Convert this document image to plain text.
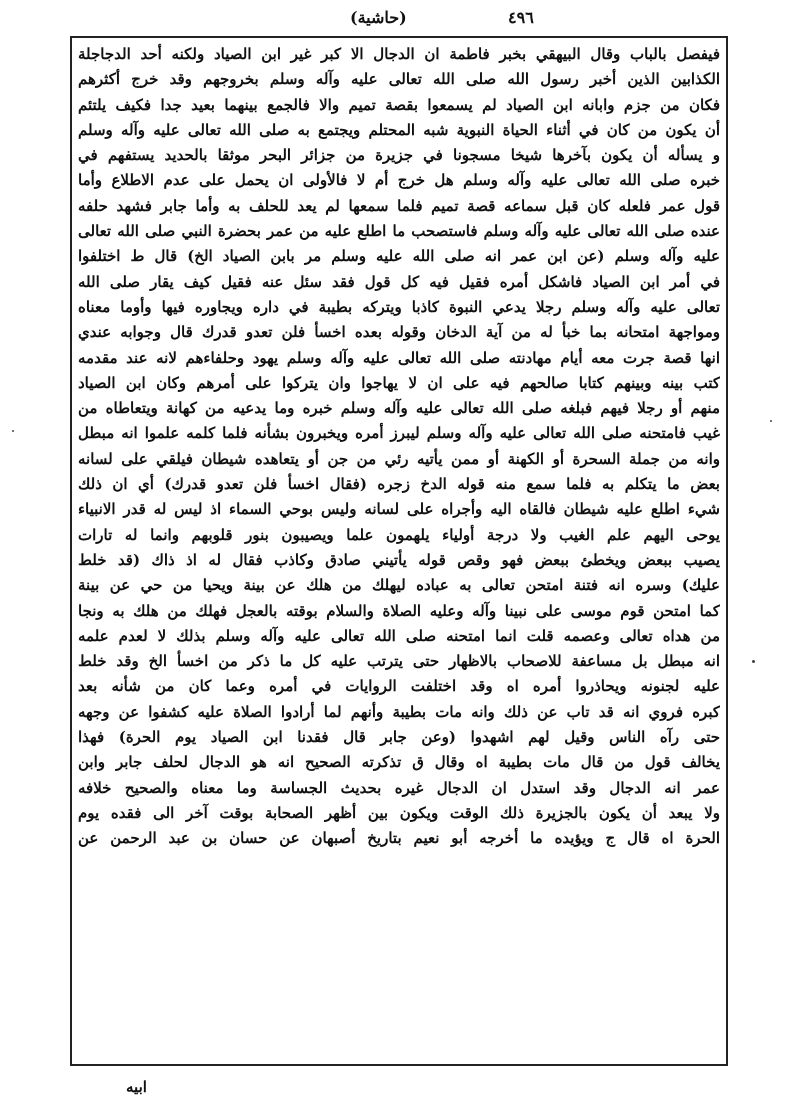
(حاشية)	٤٩٦
فيفصل بالباب وقال البيهقي بخبر فاطمة ان الدجال الا كبر غير ابن الصياد ولكنه أحد الدجاجلة
الكذابين الذين أخبر رسول الله صلى الله تعالى عليه وآله وسلم بخروجهم وقد خرج أكثرهم
فكان من جزم وابانه ابن الصياد لم يسمعوا بقصة تميم والا فالجمع بينهما بعيد جدا فكيف يلتئم
أن يكون من كان في أثناء الحياة النبوية شبه المحتلم ويجتمع به صلى الله تعالى عليه وآله وسلم
و يسأله أن يكون بآخرها شيخا مسجونا في جزيرة من جزائر البحر موثقا بالحديد يستفهم في
خبره صلى الله تعالى عليه وآله وسلم هل خرج أم لا فالأولى ان يحمل على عدم الاطلاع وأما
قول عمر فلعله كان قبل سماعه قصة تميم فلما سمعها لم يعد للحلف به وأما جابر فشهد حلفه
عنده صلى الله تعالى عليه وآله وسلم فاستصحب ما اطلع عليه من عمر بحضرة النبي صلى الله تعالى
عليه وآله وسلم (عن ابن عمر انه صلى الله عليه وسلم مر بابن الصياد الخ) قال ط اختلفوا
في أمر ابن الصياد فاشكل أمره فقيل فيه كل قول فقد سئل عنه فقيل كيف يقار صلى الله
تعالى عليه وآله وسلم رجلا يدعي النبوة كاذبا ويتركه بطيبة في داره ويجاوره فيها وأوما معناه
ومواجهة امتحانه بما خبأ له من آية الدخان وقوله بعده اخسأ فلن تعدو قدرك قال وجوابه عندي
انها قصة جرت معه أيام مهادنته صلى الله تعالى عليه وآله وسلم يهود وحلفاءهم لانه عند مقدمه
كتب بينه وبينهم كتابا صالحهم فيه على ان لا يهاجوا وان يتركوا على أمرهم وكان ابن الصياد
منهم أو رجلا فيهم فبلغه صلى الله تعالى عليه وآله وسلم خبره وما يدعيه من كهانة ويتعاطاه من
غيب فامتحنه صلى الله تعالى عليه وآله وسلم ليبرز أمره ويخبرون بشأنه فلما كلمه علموا انه مبطل
وانه من جملة السحرة أو الكهنة أو ممن يأتيه رئي من جن أو يتعاهده شيطان فيلقي على لسانه
بعض ما يتكلم به فلما سمع منه قوله الدخ زجره (فقال اخسأ فلن تعدو قدرك) أي ان ذلك
شيء اطلع عليه شيطان فالقاه اليه وأجراه على لسانه وليس بوحي السماء اذ ليس له قدر الانبياء
يوحى اليهم علم الغيب ولا درجة أولياء يلهمون علما ويصيبون بنور قلوبهم وانما له تارات
يصيب ببعض ويخطئ ببعض فهو وقص قوله يأتيني صادق وكاذب فقال له اذ ذاك (قد خلط
عليك) وسره انه فتنة امتحن تعالى به عباده ليهلك من هلك عن بينة ويحيا من حي عن بينة
كما امتحن قوم موسى على نبينا وآله وعليه الصلاة والسلام بوقته بالعجل فهلك من هلك به ونجا
من هداه تعالى وعصمه قلت انما امتحنه صلى الله تعالى عليه وآله وسلم بذلك لا لعدم علمه
انه مبطل بل مساعفة للاصحاب بالاظهار حتى يترتب عليه كل ما ذكر من اخسأ الخ وقد خلط
عليه لجنونه ويحاذروا أمره اه وقد اختلفت الروايات في أمره وعما كان من شأنه بعد
كبره فروي انه قد تاب عن ذلك وانه مات بطيبة وأنهم لما أرادوا الصلاة عليه كشفوا عن وجهه
حتى رآه الناس وقيل لهم اشهدوا (وعن جابر قال فقدنا ابن الصياد يوم الحرة) فهذا
يخالف قول من قال مات بطيبة اه وقال ق تذكرته الصحيح انه هو الدجال لحلف جابر وابن
عمر انه الدجال وقد استدل ان الدجال غيره بحديث الجساسة وما معناه والصحيح خلافه
ولا يبعد أن يكون بالجزيرة ذلك الوقت ويكون بين أظهر الصحابة بوقت آخر الى فقده يوم
الحرة اه قال ج ويؤيده ما أخرجه أبو نعيم بتاريخ أصبهان عن حسان بن عبد الرحمن عن
ابيه
